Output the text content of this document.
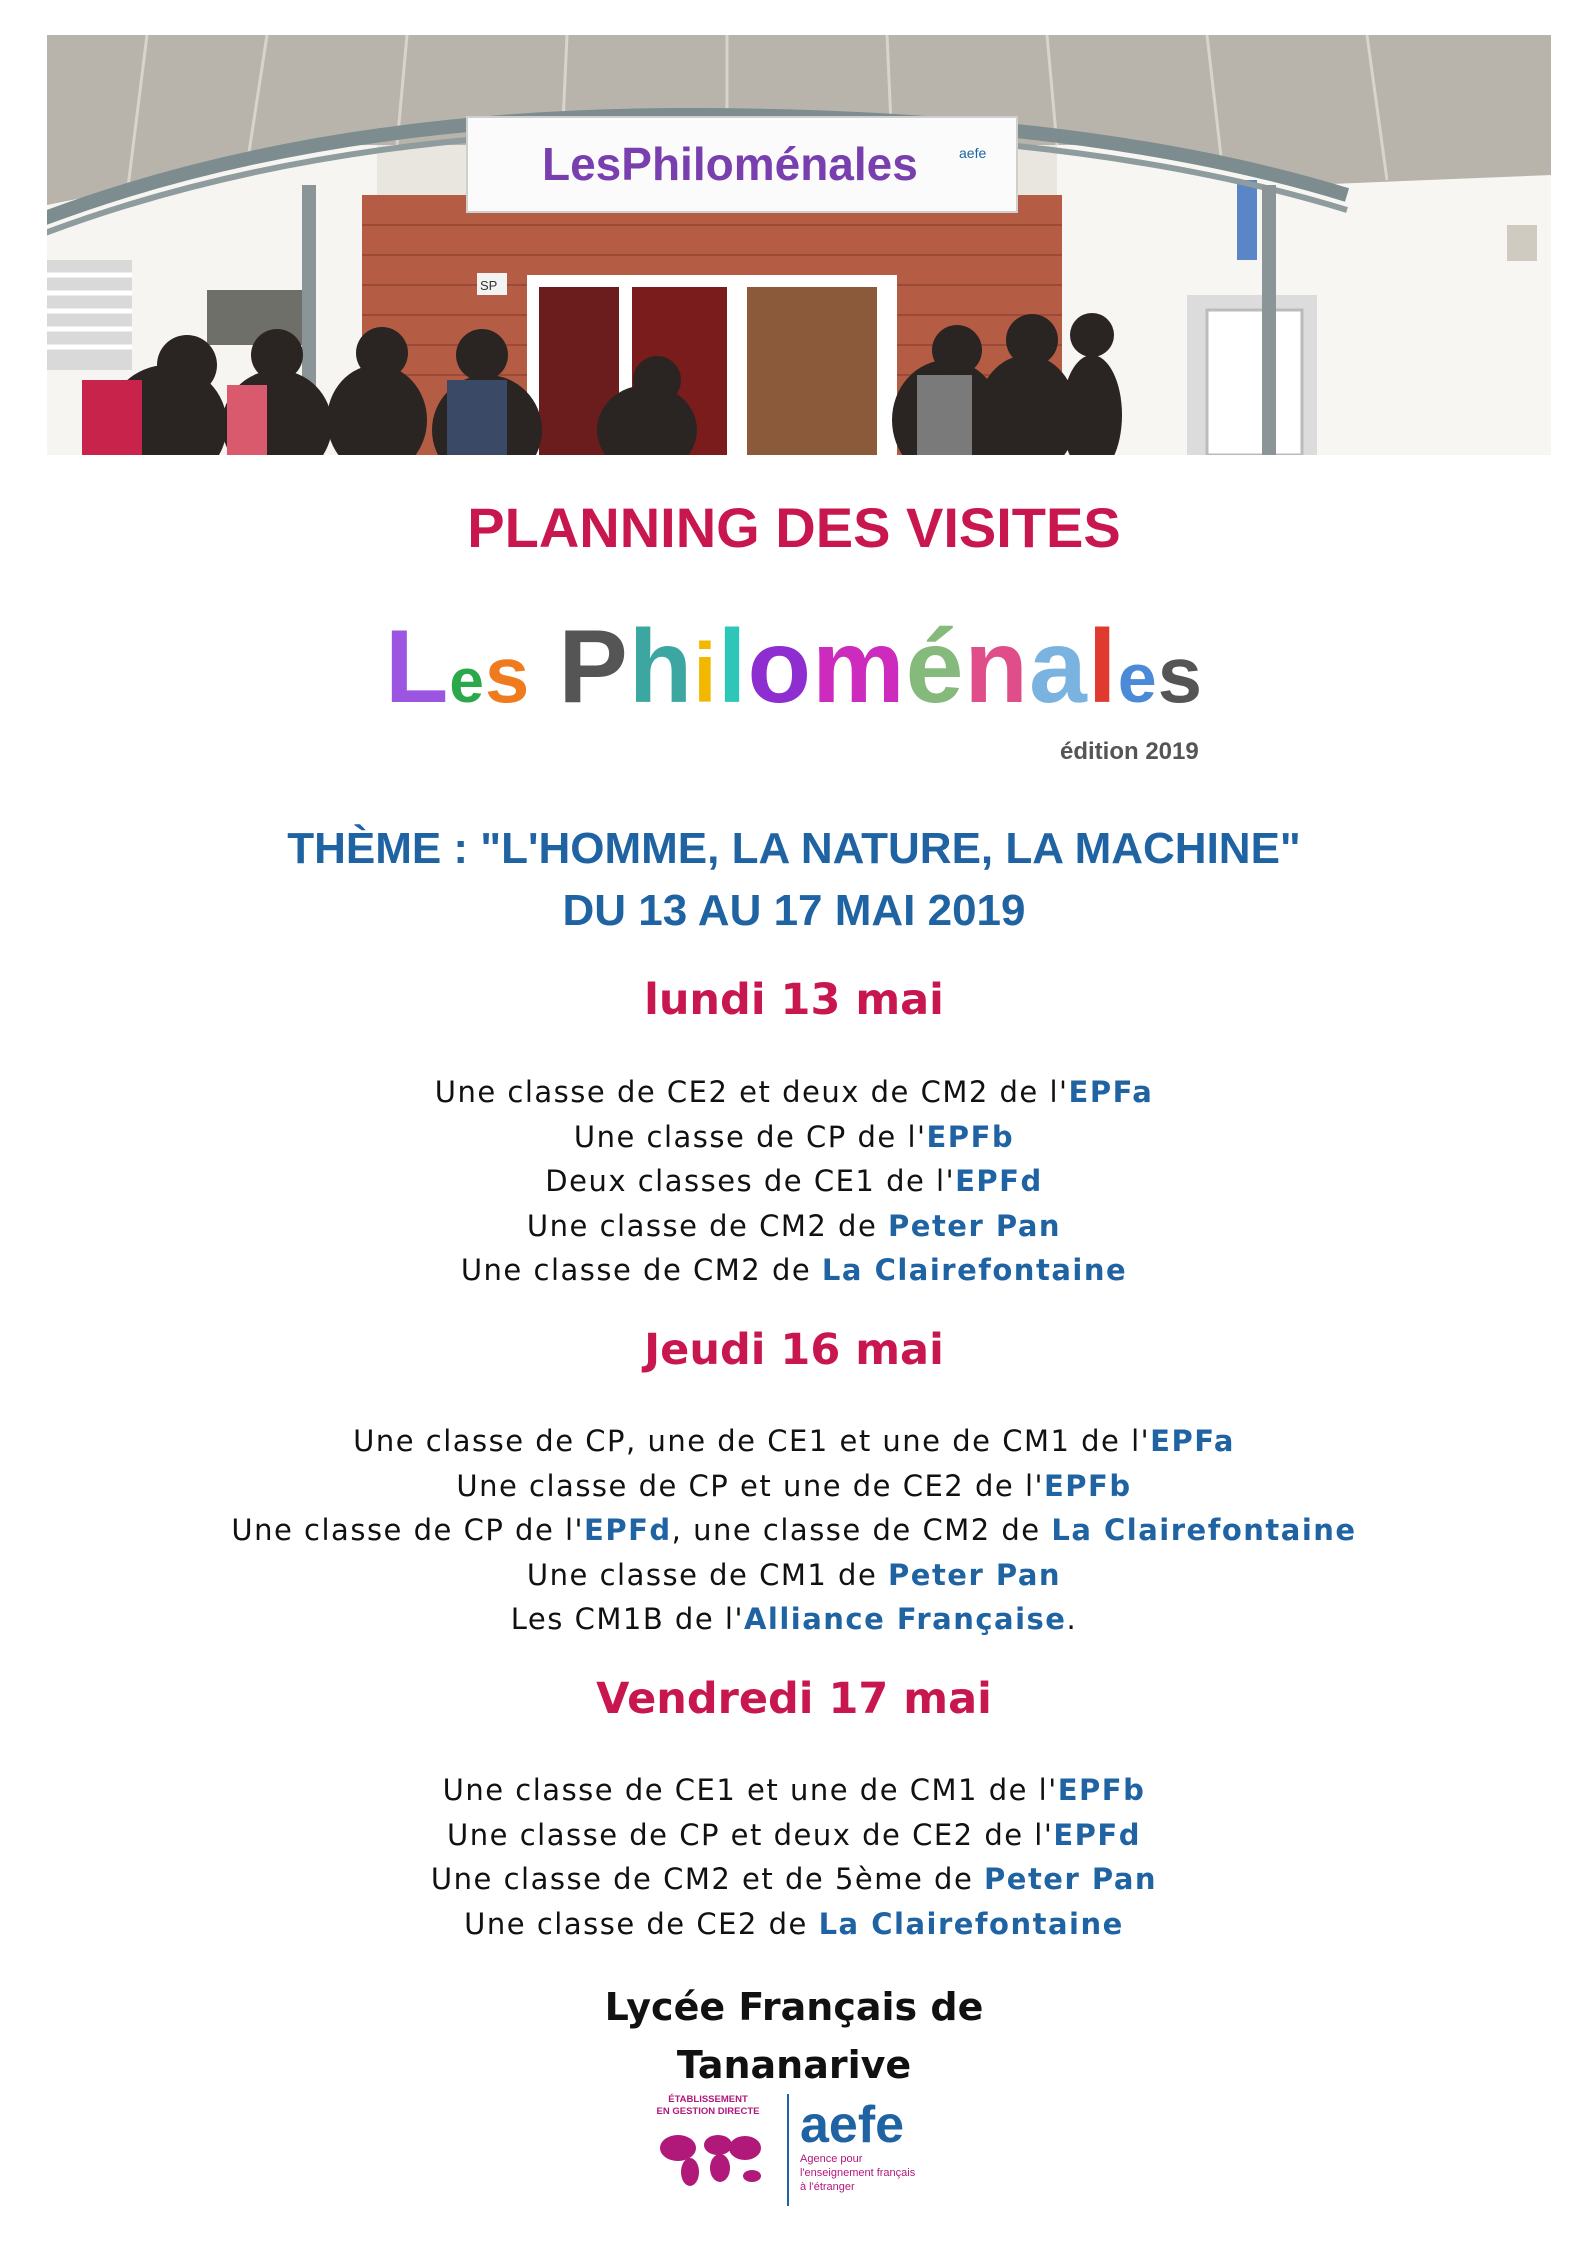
SP
LesPhiloménales	aefe
PLANNING DES VISITES
Les Philoménales
édition 2019
THÈME : "L'HOMME, LA NATURE, LA MACHINE"
DU 13 AU 17 MAI 2019
lundi 13 mai
Une classe de CE2 et deux de CM2 de l'EPFa
Une classe de CP de l'EPFb
Deux classes de CE1 de l'EPFd
Une classe de CM2 de Peter Pan
Une classe de CM2 de La Clairefontaine
Jeudi 16 mai
Une classe de CP, une de CE1 et une de CM1 de l'EPFa
Une classe de CP et une de CE2 de l'EPFb
Une classe de CP de l'EPFd, une classe de CM2 de La Clairefontaine
Une classe de CM1 de Peter Pan
Les CM1B de l'Alliance Française.
Vendredi 17 mai
Une classe de CE1 et une de CM1 de l'EPFb
Une classe de CP et deux de CE2 de l'EPFd
Une classe de CM2 et de 5ème de Peter Pan
Une classe de CE2 de La Clairefontaine
Lycée Français de
Tananarive
ÉTABLISSEMENT
EN GESTION DIRECTE aefe
Agence pour
l'enseignement français
à l'étranger
